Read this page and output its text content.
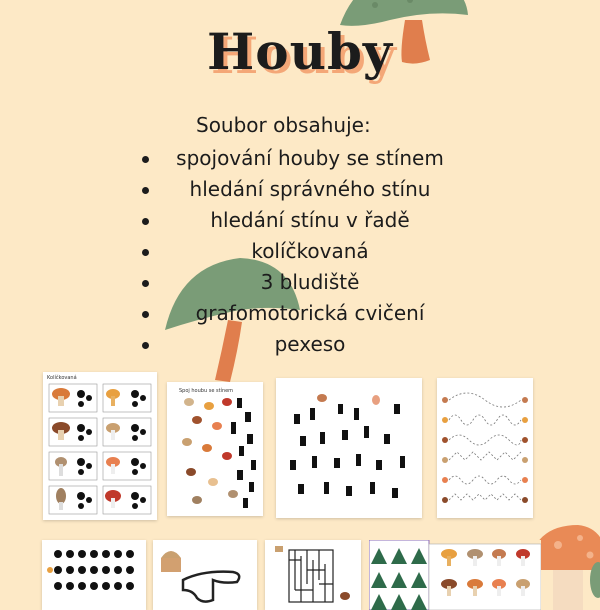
Houby
Soubor obsahuje:
spojování houby se stínem
hledání správného stínu
hledání stínu v řadě
kolíčkovaná
3 bludiště
grafomotorická cvičení
pexeso
Kolíčkovaná
Spoj houbu se stínem
